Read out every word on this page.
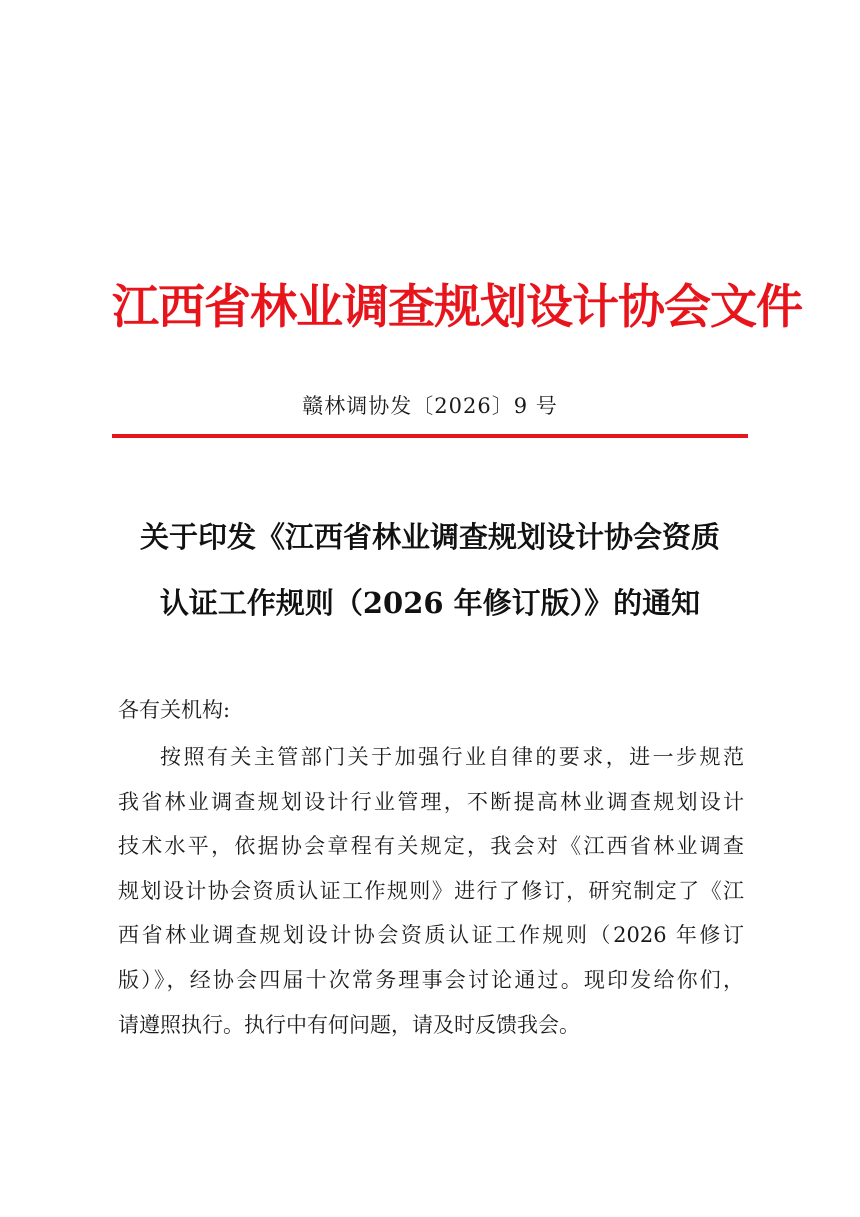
江西省林业调查规划设计协会文件
赣林调协发〔2026〕9 号
关于印发《江西省林业调查规划设计协会资质
认证工作规则（2026 年修订版）》的通知
各有关机构:
按照有关主管部门关于加强行业自律的要求，进一步规范
我省林业调查规划设计行业管理，不断提高林业调查规划设计
技术水平，依据协会章程有关规定，我会对《江西省林业调查
规划设计协会资质认证工作规则》进行了修订，研究制定了《江
西省林业调查规划设计协会资质认证工作规则（2026 年修订
版）》，经协会四届十次常务理事会讨论通过。现印发给你们，
请遵照执行。执行中有何问题，请及时反馈我会。
